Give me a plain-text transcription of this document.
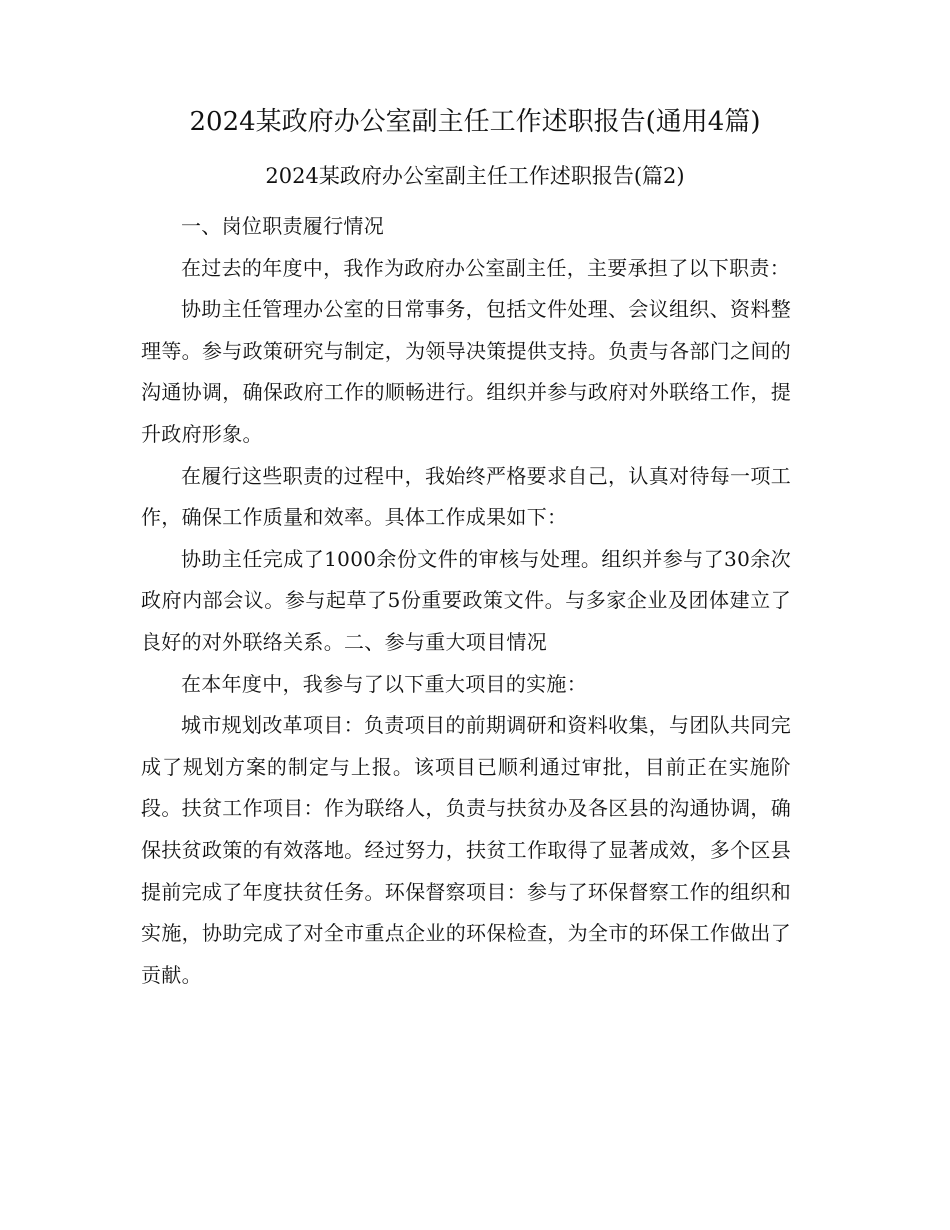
2024某政府办公室副主任工作述职报告(通用4篇)
2024某政府办公室副主任工作述职报告(篇2)

一、岗位职责履行情况

在过去的年度中，我作为政府办公室副主任，主要承担了以下职责：

协助主任管理办公室的日常事务，包括文件处理、会议组织、资料整理等。参与政策研究与制定，为领导决策提供支持。负责与各部门之间的沟通协调，确保政府工作的顺畅进行。组织并参与政府对外联络工作，提升政府形象。

在履行这些职责的过程中，我始终严格要求自己，认真对待每一项工作，确保工作质量和效率。具体工作成果如下：

协助主任完成了1000余份文件的审核与处理。组织并参与了30余次政府内部会议。参与起草了5份重要政策文件。与多家企业及团体建立了良好的对外联络关系。二、参与重大项目情况

在本年度中，我参与了以下重大项目的实施：

城市规划改革项目：负责项目的前期调研和资料收集，与团队共同完成了规划方案的制定与上报。该项目已顺利通过审批，目前正在实施阶段。扶贫工作项目：作为联络人，负责与扶贫办及各区县的沟通协调，确保扶贫政策的有效落地。经过努力，扶贫工作取得了显著成效，多个区县提前完成了年度扶贫任务。环保督察项目：参与了环保督察工作的组织和实施，协助完成了对全市重点企业的环保检查，为全市的环保工作做出了贡献。
